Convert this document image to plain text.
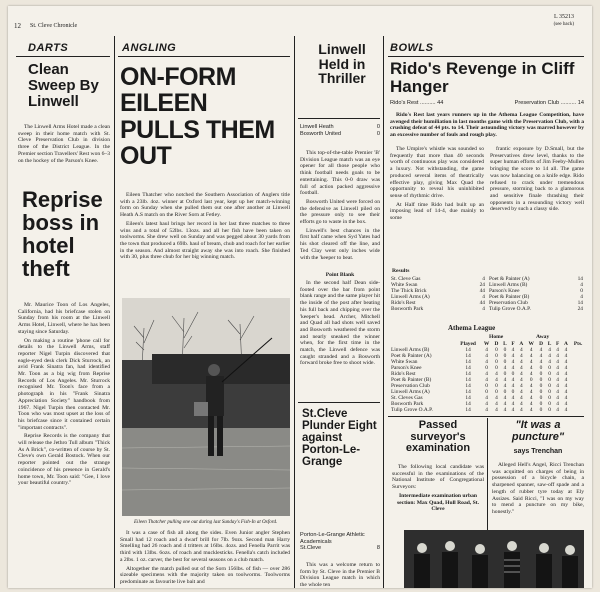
12 St. Cleve Chronicle
L 35213
(see back)
DARTS
Clean Sweep By Linwell

The Linwell Arms Hotel made a clean sweep in their home match with St. Cleve Preservation Club in division three of the District League. In the Premier section Travellers' Rest won 6–3 on the hockey of the Parson's Knee.

Reprise boss in hotel theft

Mr. Maurice Toon of Los Angeles, California, had his briefcase stolen on Sunday from his room at the Linwell Arms Hotel, Linwell, where he has been staying since Saturday.

On making a routine 'phone call for details to the Linwell Arms, staff reporter Nigel Turpin discovered that eagle-eyed desk clerk Dick Sturrock, an avid Frank Sinatra fan, had identified Mr. Toon as a big wig from Reprise Records of Los Angeles. Mr. Sturrock recognised Mr. Toon's face from a photograph in his "Frank Sinatra Appreciation Society" handbook from 1967. Nigel Turpin then contacted Mr. Toon who was most upset at the loss of his briefcase since it contained certain "important contracts".

Reprise Records is the company that will release the Jethro Tull album "Thick As A Brick", co-written of course by St. Cleve's own Gerald Bostock. When our reporter pointed out the strange coincidence of his presence in Gerald's home town, Mr. Toon said: "Gee, I love your beautiful country."

ANGLING
ON-FORM EILEEN PULLS THEM OUT

Eileen Thatcher who notched the Southern Association of Anglers title with a 23lb. 4oz. winner at Oxford last year, kept up her match-winning form on Sunday when she pulled them out one after another at Linwell Heath A.S match on the River Sorn at Fetley.

Eileen's latest haul brings her record in her last three matches to three wins and a total of 52lbs. 13ozs. and all her fish have been taken on toolworms. She drew well on Sunday and was pegged about 30 yards from the town that produced a 69lb. haul of bream, chub and roach for her earlier in the season. And almost straight away she was into roach. She finished with 30, plus three chub for her big winning match.

Eileen Thatcher pulling one out during last Sunday's Fish-In at Oxford.

It was a case of fish all along the sides. Even Junior angler Stephen Small had 12 roach and a dwarf brill for 7lb. 9ozs. Second man Harry Smelling had 26 roach and 4 tritters at 16lbs. 4ozs. and Fenella Parrit was third with 13lbs. 6ozs. of roach and mucklesticks. Fenella's catch included a 2lbs. 1 oz. carver, the best for several seasons on a club match.

Altogether the match pulled out of the Sorn 156lbs. of fish — over 286 sizeable specimens with the majority taken on toolworms. Toolworms predominate as favourite live bait and

Linwell Held in Thriller
Linwell Heath	0
Bosworth United	0

This top-of-the-table Premier 'B' Division League match was an eye opener for all those people who think football needs goals to be entertaining. This 0-0 draw was full of action packed aggressive football.

Bosworth United were forced on the defensive as Linwell piled on the pressure only to see their efforts go to waste in the box.

Linwell's best chances in the first half came when Syd Yates had his shot cleared off the line, and Ted Clay went only inches wide with the 'keeper to beat.

Point Blank

In the second half Dean side-footed over the bar from point blank range and the same player hit the inside of the post after beating his full back and chipping over the 'keeper's head. Archer, Mitchell and Quad all had shots well saved and Bosworth weathered the storm and nearly sneaked the winner when, for the first time in the match, the Linwell defence was caught stranded and a Bosworth forward broke free to shoot wide.

St.Cleve Plunder Eight against Porton-Le-Grange
Porton-Le-Grange Athletic Academicals
St.Cleve	8

This was a welcome return to form by St. Cleve in the Premier B Division League match in which the whole ten

BOWLS
Rido's Revenge in Cliff Hanger
Rido's Rest .......... 44	Preservation Club .......... 14

Rido's Rest last years runners up in the Athema League Competition, have avenged their humiliation in last months game with the Preservation Club, with a crushing defeat of 44 pts. to 14. Their astounding victory was marred however by an excessive number of fouls and rough play.

The Umpire's whistle was sounded so frequently that more than 40 seconds worth of continuous play was considered a luxury. Not withstanding, the game produced several items of theatrically effective play, giving Max Quad the opportunity to reveal his uninhibited sense of rhythmic drive.

At Half time Rido had built up an imposing lead of 14-4, due mainly to some

frantic exposure by D.Small, but the Preservatives drew level, thanks to the super human efforts of Jim Feeby-Mullen bringing the score to 14 all. The game was now balancing on a knife edge. Rido refused to crack under tremendous pressure, storming back to a glamorous and sensitive finale thrashing their opponents in a resounding victory well deserved by such a classy side.

Results
St. Cleve Gas	4
White Swan	24
The Thick Brick	44
Linwell Arms (A)	4
Rido's Rest	44
Bosworth Park	4
Poet & Painter (A)	14
Linwell Arms (B)	4
Parson's Knee	0
Poet & Painter (B)	4
Preservation Club	14
Tulip Grove O.A.P.	24
Athema League
Home	Away
	Played	W	D	L	F	A	W	D	L	F	A	Pts.
Linwell Arms (B)	14	4	0	0	4	4	4	4	4	4	4	
Poet & Painter (A)	14	4	0	0	4	4	4	4	4	4	4	
White Swan	14	4	0	0	4	4	4	4	4	4	4	
Parson's Knee	14	0	0	4	4	4	4	0	0	4	4	
Rido's Rest	14	4	4	0	0	4	4	0	0	4	4	
Poet & Painter (B)	14	4	4	4	4	4	0	0	0	4	4	
Preservation Club	14	0	0	4	4	4	4	0	0	4	4	
Linwell Arms (A)	14	0	0	0	0	4	4	0	0	4	4	
St. Cleves Gas	14	4	4	4	4	4	4	0	0	4	4	
Bosworth Park	14	4	4	4	4	4	4	0	0	4	4	
Tulip Grove O.A.P.	14	4	4	4	4	4	4	0	0	4	4	
Passed surveyor's examination

The following local candidate was successful in the examinations of the National Institute of Congregational Surveyors:

Intermediate examination urban section: Max Quad, Hull Road, St. Cleve

"It was a puncture"
says Trenchan

Alleged Hell's Angel, Ricci Trenchan was acquitted on charges of being in possession of a bicycle chain, a sharpened spanner, saw-off spade and a length of rubber tyre today at Ely Assizes. Said Ricci, "I was on my way to mend a puncture on my bike, honestly."
